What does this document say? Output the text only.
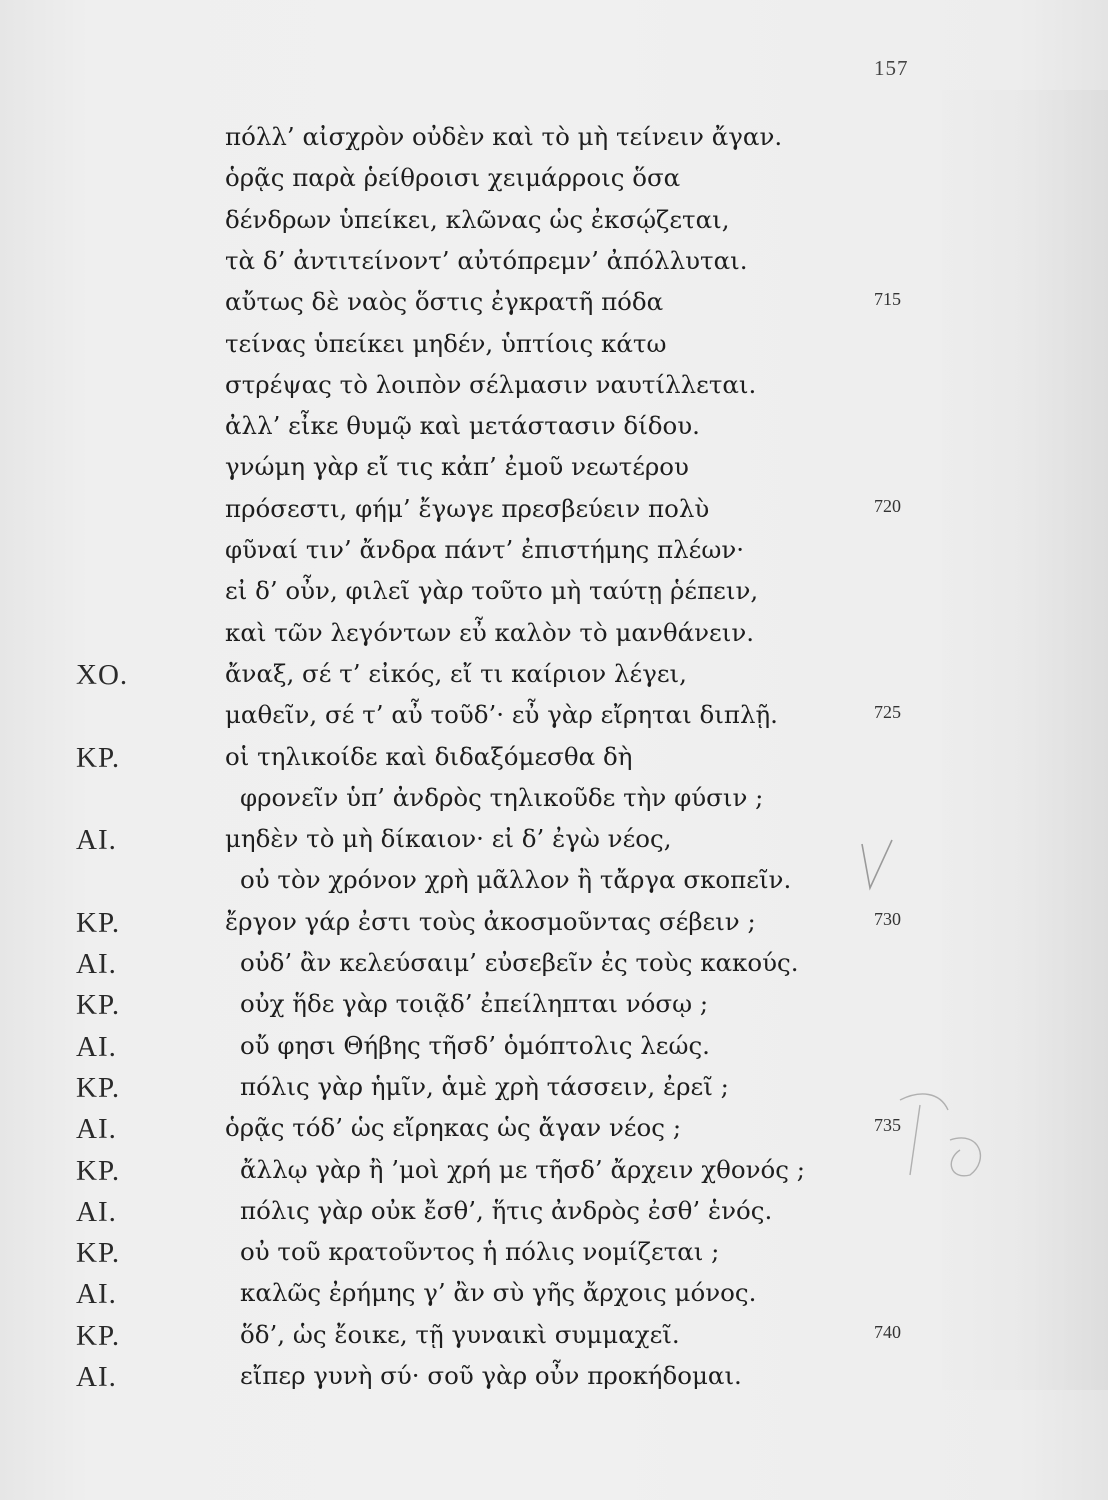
157
πόλλ’ αἰσχρὸν οὐδὲν καὶ τὸ μὴ τείνειν ἄγαν.
ὁρᾷς παρὰ ῥείθροισι χειμάρροις ὅσα
δένδρων ὑπείκει, κλῶνας ὡς ἐκσῴζεται,
τὰ δ’ ἀντιτείνοντ’ αὐτόπρεμν’ ἀπόλλυται.
αὔτως δὲ ναὸς ὅστις ἐγκρατῆ πόδα	715
τείνας ὑπείκει μηδέν, ὑπτίοις κάτω
στρέψας τὸ λοιπὸν σέλμασιν ναυτίλλεται.
ἀλλ’ εἶκε θυμῷ καὶ μετάστασιν δίδου.
γνώμη γὰρ εἴ τις κἀπ’ ἐμοῦ νεωτέρου
πρόσεστι, φήμ’ ἔγωγε πρεσβεύειν πολὺ	720
φῦναί τιν’ ἄνδρα πάντ’ ἐπιστήμης πλέων·
εἰ δ’ οὖν, φιλεῖ γὰρ τοῦτο μὴ ταύτῃ ῥέπειν,
καὶ τῶν λεγόντων εὖ καλὸν τὸ μανθάνειν.
ΧΟ.	ἄναξ, σέ τ’ εἰκός, εἴ τι καίριον λέγει,
μαθεῖν, σέ τ’ αὖ τοῦδ’· εὖ γὰρ εἴρηται διπλῇ.	725
ΚΡ.	οἱ τηλικοίδε καὶ διδαξόμεσθα δὴ
φρονεῖν ὑπ’ ἀνδρὸς τηλικοῦδε τὴν φύσιν ;
ΑΙ.	μηδὲν τὸ μὴ δίκαιον· εἰ δ’ ἐγὼ νέος,
οὐ τὸν χρόνον χρὴ μᾶλλον ἢ τἄργα σκοπεῖν.
ΚΡ.	ἔργον γάρ ἐστι τοὺς ἀκοσμοῦντας σέβειν ;	730
ΑΙ.	οὐδ’ ἂν κελεύσαιμ’ εὐσεβεῖν ἐς τοὺς κακούς.
ΚΡ.	οὐχ ἥδε γὰρ τοιᾷδ’ ἐπείληπται νόσῳ ;
ΑΙ.	οὔ φησι Θήβης τῆσδ’ ὁμόπτολις λεώς.
ΚΡ.	πόλις γὰρ ἡμῖν, ἁμὲ χρὴ τάσσειν, ἐρεῖ ;
ΑΙ.	ὁρᾷς τόδ’ ὡς εἴρηκας ὡς ἄγαν νέος ;	735
ΚΡ.	ἄλλῳ γὰρ ἢ ’μοὶ χρή με τῆσδ’ ἄρχειν χθονός ;
ΑΙ.	πόλις γὰρ οὐκ ἔσθ’, ἥτις ἀνδρὸς ἐσθ’ ἑνός.
ΚΡ.	οὐ τοῦ κρατοῦντος ἡ πόλις νομίζεται ;
ΑΙ.	καλῶς ἐρήμης γ’ ἂν σὺ γῆς ἄρχοις μόνος.
ΚΡ.	ὅδ’, ὡς ἔοικε, τῇ γυναικὶ συμμαχεῖ.	740
ΑΙ.	εἴπερ γυνὴ σύ· σοῦ γὰρ οὖν προκήδομαι.
